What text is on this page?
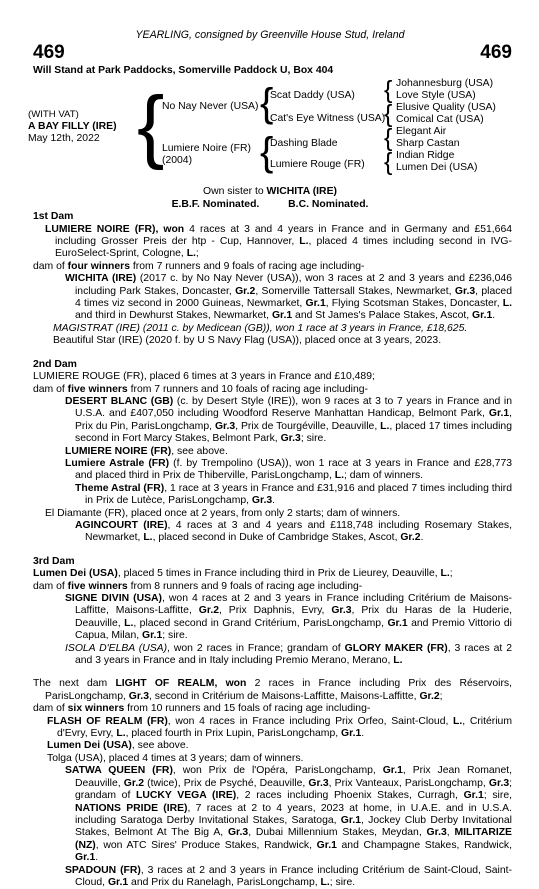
YEARLING, consigned by Greenville House Stud, Ireland
469	469
Will Stand at Park Paddocks, Somerville Paddock U, Box 404
(WITH VAT)
A BAY FILLY (IRE)
May 12th, 2022 {
No Nay Never (USA)
Lumiere Noire (FR)
(2004)
{
Scat Daddy (USA)
Cat's Eye Witness (USA)
{
Dashing Blade
Lumiere Rouge (FR)
{ Johannesburg (USA)
Love Style (USA)
{ Elusive Quality (USA)
Comical Cat (USA)
{ Elegant Air
Sharp Castan
{ Indian Ridge
Lumen Dei (USA)
Own sister to WICHITA (IRE)
E.B.F. Nominated.          B.C. Nominated.
1st Dam

LUMIERE NOIRE (FR), won 4 races at 3 and 4 years in France and in Germany and £51,664 including Grosser Preis der htp - Cup, Hannover, L., placed 4 times including second in IVG-EuroSelect-Sprint, Cologne, L.;

dam of four winners from 7 runners and 9 foals of racing age including-

WICHITA (IRE) (2017 c. by No Nay Never (USA)), won 3 races at 2 and 3 years and £236,046 including Park Stakes, Doncaster, Gr.2, Somerville Tattersall Stakes, Newmarket, Gr.3, placed 4 times viz second in 2000 Guineas, Newmarket, Gr.1, Flying Scotsman Stakes, Doncaster, L. and third in Dewhurst Stakes, Newmarket, Gr.1 and St James's Palace Stakes, Ascot, Gr.1.

MAGISTRAT (IRE) (2011 c. by Medicean (GB)), won 1 race at 3 years in France, £18,625.

Beautiful Star (IRE) (2020 f. by U S Navy Flag (USA)), placed once at 3 years, 2023.

2nd Dam

LUMIERE ROUGE (FR), placed 6 times at 3 years in France and £10,489;

dam of five winners from 7 runners and 10 foals of racing age including-

DESERT BLANC (GB) (c. by Desert Style (IRE)), won 9 races at 3 to 7 years in France and in U.S.A. and £407,050 including Woodford Reserve Manhattan Handicap, Belmont Park, Gr.1, Prix du Pin, ParisLongchamp, Gr.3, Prix de Tourgéville, Deauville, L., placed 17 times including second in Fort Marcy Stakes, Belmont Park, Gr.3; sire.

LUMIERE NOIRE (FR), see above.

Lumiere Astrale (FR) (f. by Trempolino (USA)), won 1 race at 3 years in France and £28,773 and placed third in Prix de Thiberville, ParisLongchamp, L.; dam of winners.

Theme Astral (FR), 1 race at 3 years in France and £31,916 and placed 7 times including third in Prix de Lutèce, ParisLongchamp, Gr.3.

El Diamante (FR), placed once at 2 years, from only 2 starts; dam of winners.

AGINCOURT (IRE), 4 races at 3 and 4 years and £118,748 including Rosemary Stakes, Newmarket, L., placed second in Duke of Cambridge Stakes, Ascot, Gr.2.

3rd Dam

Lumen Dei (USA), placed 5 times in France including third in Prix de Lieurey, Deauville, L.;

dam of five winners from 8 runners and 9 foals of racing age including-

SIGNE DIVIN (USA), won 4 races at 2 and 3 years in France including Critérium de Maisons-Laffitte, Maisons-Laffitte, Gr.2, Prix Daphnis, Evry, Gr.3, Prix du Haras de la Huderie, Deauville, L., placed second in Grand Critérium, ParisLongchamp, Gr.1 and Premio Vittorio di Capua, Milan, Gr.1; sire.

ISOLA D'ELBA (USA), won 2 races in France; grandam of GLORY MAKER (FR), 3 races at 2 and 3 years in France and in Italy including Premio Merano, Merano, L.

The next dam LIGHT OF REALM, won 2 races in France including Prix des Réservoirs, ParisLongchamp, Gr.3, second in Critérium de Maisons-Laffitte, Maisons-Laffitte, Gr.2;

dam of six winners from 10 runners and 15 foals of racing age including-

FLASH OF REALM (FR), won 4 races in France including Prix Orfeo, Saint-Cloud, L., Critérium d'Evry, Evry, L., placed fourth in Prix Lupin, ParisLongchamp, Gr.1.

Lumen Dei (USA), see above.

Tolga (USA), placed 4 times at 3 years; dam of winners.

SATWA QUEEN (FR), won Prix de l'Opéra, ParisLongchamp, Gr.1, Prix Jean Romanet, Deauville, Gr.2 (twice), Prix de Psyché, Deauville, Gr.3, Prix Vanteaux, ParisLongchamp, Gr.3; grandam of LUCKY VEGA (IRE), 2 races including Phoenix Stakes, Curragh, Gr.1; sire, NATIONS PRIDE (IRE), 7 races at 2 to 4 years, 2023 at home, in U.A.E. and in U.S.A. including Saratoga Derby Invitational Stakes, Saratoga, Gr.1, Jockey Club Derby Invitational Stakes, Belmont At The Big A, Gr.3, Dubai Millennium Stakes, Meydan, Gr.3, MILITARIZE (NZ), won ATC Sires' Produce Stakes, Randwick, Gr.1 and Champagne Stakes, Randwick, Gr.1.

SPADOUN (FR), 3 races at 2 and 3 years in France including Critérium de Saint-Cloud, Saint-Cloud, Gr.1 and Prix du Ranelagh, ParisLongchamp, L.; sire.
